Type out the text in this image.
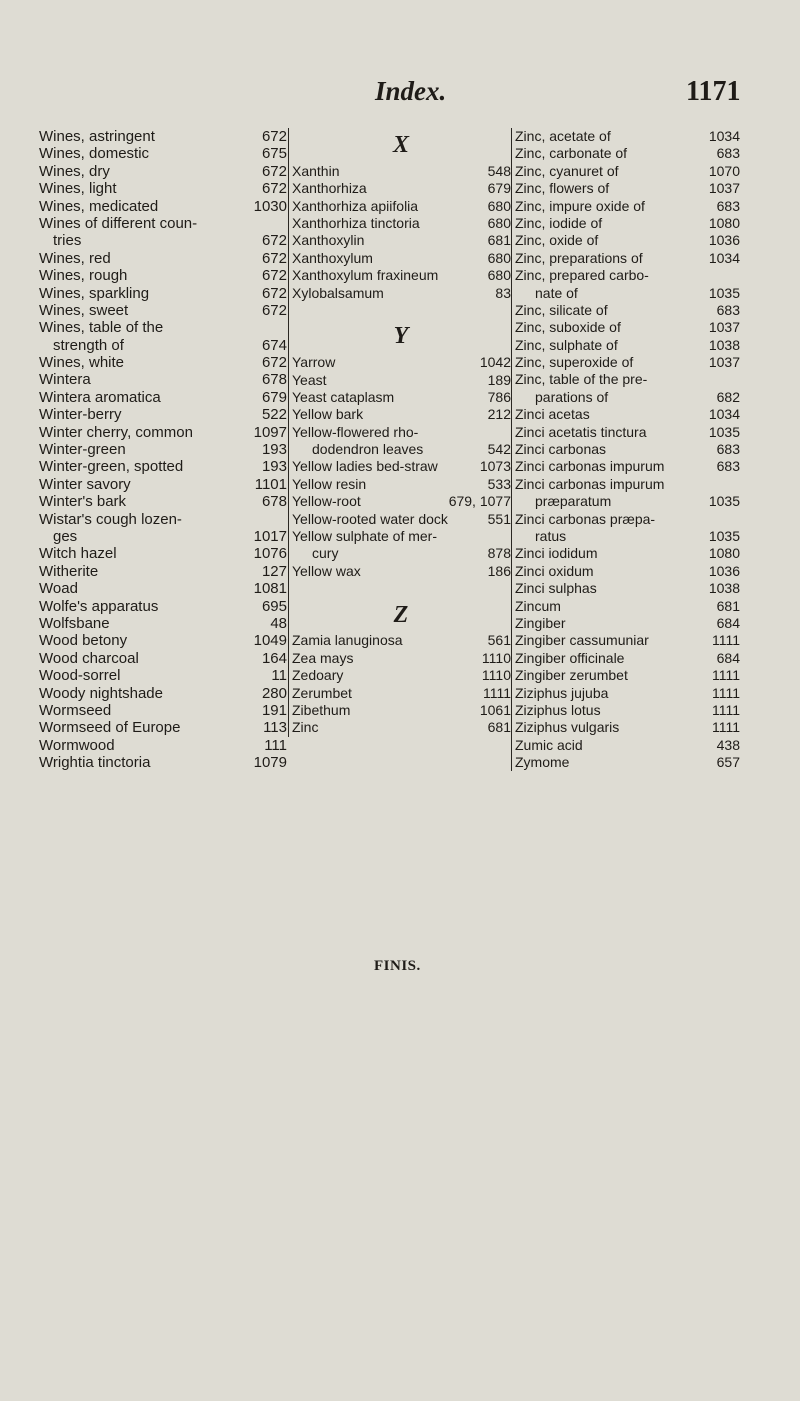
Index.	1171
Wines, astringent	672
Wines, domestic	675
Wines, dry	672
Wines, light	672
Wines, medicated	1030
Wines of different coun-
tries	672
Wines, red	672
Wines, rough	672
Wines, sparkling	672
Wines, sweet	672
Wines, table of the
strength of	674
Wines, white	672
Wintera	678
Wintera aromatica	679
Winter-berry	522
Winter cherry, common	1097
Winter-green	193
Winter-green, spotted	193
Winter savory	1101
Winter's bark	678
Wistar's cough lozen-
ges	1017
Witch hazel	1076
Witherite	127
Woad	1081
Wolfe's apparatus	695
Wolfsbane	48
Wood betony	1049
Wood charcoal	164
Wood-sorrel	11
Woody nightshade	280
Wormseed	191
Wormseed of Europe	113
Wormwood	111
Wrightia tinctoria	1079
X
Xanthin	548
Xanthorhiza	679
Xanthorhiza apiifolia	680
Xanthorhiza tinctoria	680
Xanthoxylin	681
Xanthoxylum	680
Xanthoxylum fraxineum	680
Xylobalsamum	83
Y
Yarrow	1042
Yeast	189
Yeast cataplasm	786
Yellow bark	212
Yellow-flowered rho-
dodendron leaves	542
Yellow ladies bed-straw	1073
Yellow resin	533
Yellow-root	679, 1077
Yellow-rooted water dock	551
Yellow sulphate of mer-
cury	878
Yellow wax	186
Z
Zamia lanuginosa	561
Zea mays	1110
Zedoary	1110
Zerumbet	1111
Zibethum	1061
Zinc	681
Zinc, acetate of	1034
Zinc, carbonate of	683
Zinc, cyanuret of	1070
Zinc, flowers of	1037
Zinc, impure oxide of	683
Zinc, iodide of	1080
Zinc, oxide of	1036
Zinc, preparations of	1034
Zinc, prepared carbo-
nate of	1035
Zinc, silicate of	683
Zinc, suboxide of	1037
Zinc, sulphate of	1038
Zinc, superoxide of	1037
Zinc, table of the pre-
parations of	682
Zinci acetas	1034
Zinci acetatis tinctura	1035
Zinci carbonas	683
Zinci carbonas impurum	683
Zinci carbonas impurum
præparatum	1035
Zinci carbonas præpa-
ratus	1035
Zinci iodidum	1080
Zinci oxidum	1036
Zinci sulphas	1038
Zincum	681
Zingiber	684
Zingiber cassumuniar	1111
Zingiber officinale	684
Zingiber zerumbet	1111
Ziziphus jujuba	1111
Ziziphus lotus	1111
Ziziphus vulgaris	1111
Zumic acid	438
Zymome	657
FINIS.
